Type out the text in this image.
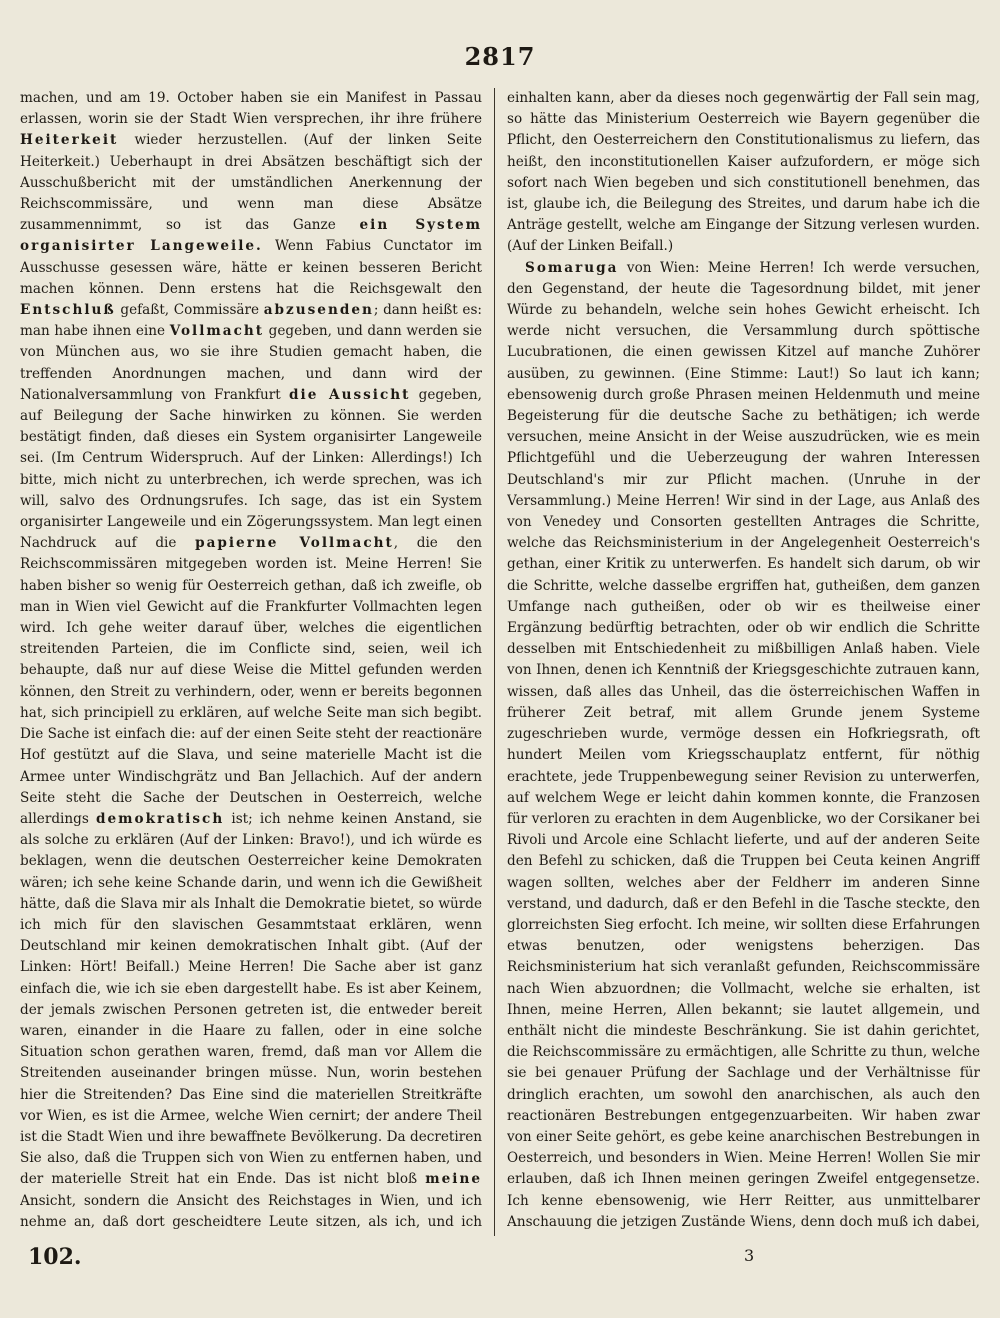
2817

machen, und am 19. October haben sie ein Manifest in Passau erlassen, worin sie der Stadt Wien versprechen, ihr ihre frühere Heiterkeit wieder herzustellen. (Auf der linken Seite Heiterkeit.) Ueberhaupt in drei Absätzen beschäftigt sich der Ausschußbericht mit der umständlichen Anerkennung der Reichscommissäre, und wenn man diese Absätze zusammennimmt, so ist das Ganze ein System organisirter Langeweile. Wenn Fabius Cunctator im Ausschusse gesessen wäre, hätte er keinen besseren Bericht machen können. Denn erstens hat die Reichsgewalt den Entschluß gefaßt, Commissäre abzusenden; dann heißt es: man habe ihnen eine Vollmacht gegeben, und dann werden sie von München aus, wo sie ihre Studien gemacht haben, die treffenden Anordnungen machen, und dann wird der Nationalversammlung von Frankfurt die Aussicht gegeben, auf Beilegung der Sache hinwirken zu können. Sie werden bestätigt finden, daß dieses ein System organisirter Langeweile sei. (Im Centrum Widerspruch. Auf der Linken: Allerdings!) Ich bitte, mich nicht zu unterbrechen, ich werde sprechen, was ich will, salvo des Ordnungsrufes. Ich sage, das ist ein System organisirter Langeweile und ein Zögerungssystem. Man legt einen Nachdruck auf die papierne Vollmacht, die den Reichscommissären mitgegeben worden ist. Meine Herren! Sie haben bisher so wenig für Oesterreich gethan, daß ich zweifle, ob man in Wien viel Gewicht auf die Frankfurter Vollmachten legen wird. Ich gehe weiter darauf über, welches die eigentlichen streitenden Parteien, die im Conflicte sind, seien, weil ich behaupte, daß nur auf diese Weise die Mittel gefunden werden können, den Streit zu verhindern, oder, wenn er bereits begonnen hat, sich principiell zu erklären, auf welche Seite man sich begibt. Die Sache ist einfach die: auf der einen Seite steht der reactionäre Hof gestützt auf die Slava, und seine materielle Macht ist die Armee unter Windischgrätz und Ban Jellachich. Auf der andern Seite steht die Sache der Deutschen in Oesterreich, welche allerdings demokratisch ist; ich nehme keinen Anstand, sie als solche zu erklären (Auf der Linken: Bravo!), und ich würde es beklagen, wenn die deutschen Oesterreicher keine Demokraten wären; ich sehe keine Schande darin, und wenn ich die Gewißheit hätte, daß die Slava mir als Inhalt die Demokratie bietet, so würde ich mich für den slavischen Gesammtstaat erklären, wenn Deutschland mir keinen demokratischen Inhalt gibt. (Auf der Linken: Hört! Beifall.) Meine Herren! Die Sache aber ist ganz einfach die, wie ich sie eben dargestellt habe. Es ist aber Keinem, der jemals zwischen Personen getreten ist, die entweder bereit waren, einander in die Haare zu fallen, oder in eine solche Situation schon gerathen waren, fremd, daß man vor Allem die Streitenden auseinander bringen müsse. Nun, worin bestehen hier die Streitenden? Das Eine sind die materiellen Streitkräfte vor Wien, es ist die Armee, welche Wien cernirt; der andere Theil ist die Stadt Wien und ihre bewaffnete Bevölkerung. Da decretiren Sie also, daß die Truppen sich von Wien zu entfernen haben, und der materielle Streit hat ein Ende. Das ist nicht bloß meine Ansicht, sondern die Ansicht des Reichstages in Wien, und ich nehme an, daß dort gescheidtere Leute sitzen, als ich, und ich

einhalten kann, aber da dieses noch gegenwärtig der Fall sein mag, so hätte das Ministerium Oesterreich wie Bayern gegenüber die Pflicht, den Oesterreichern den Constitutionalismus zu liefern, das heißt, den inconstitutionellen Kaiser aufzufordern, er möge sich sofort nach Wien begeben und sich constitutionell benehmen, das ist, glaube ich, die Beilegung des Streites, und darum habe ich die Anträge gestellt, welche am Eingange der Sitzung verlesen wurden. (Auf der Linken Beifall.)

Somaruga von Wien: Meine Herren! Ich werde versuchen, den Gegenstand, der heute die Tagesordnung bildet, mit jener Würde zu behandeln, welche sein hohes Gewicht erheischt. Ich werde nicht versuchen, die Versammlung durch spöttische Lucubrationen, die einen gewissen Kitzel auf manche Zuhörer ausüben, zu gewinnen. (Eine Stimme: Laut!) So laut ich kann; ebensowenig durch große Phrasen meinen Heldenmuth und meine Begeisterung für die deutsche Sache zu bethätigen; ich werde versuchen, meine Ansicht in der Weise auszudrücken, wie es mein Pflichtgefühl und die Ueberzeugung der wahren Interessen Deutschland's mir zur Pflicht machen. (Unruhe in der Versammlung.) Meine Herren! Wir sind in der Lage, aus Anlaß des von Venedey und Consorten gestellten Antrages die Schritte, welche das Reichsministerium in der Angelegenheit Oesterreich's gethan, einer Kritik zu unterwerfen. Es handelt sich darum, ob wir die Schritte, welche dasselbe ergriffen hat, gutheißen, dem ganzen Umfange nach gutheißen, oder ob wir es theilweise einer Ergänzung bedürftig betrachten, oder ob wir endlich die Schritte desselben mit Entschiedenheit zu mißbilligen Anlaß haben. Viele von Ihnen, denen ich Kenntniß der Kriegsgeschichte zutrauen kann, wissen, daß alles das Unheil, das die österreichischen Waffen in früherer Zeit betraf, mit allem Grunde jenem Systeme zugeschrieben wurde, vermöge dessen ein Hofkriegsrath, oft hundert Meilen vom Kriegsschauplatz entfernt, für nöthig erachtete, jede Truppenbewegung seiner Revision zu unterwerfen, auf welchem Wege er leicht dahin kommen konnte, die Franzosen für verloren zu erachten in dem Augenblicke, wo der Corsikaner bei Rivoli und Arcole eine Schlacht lieferte, und auf der anderen Seite den Befehl zu schicken, daß die Truppen bei Ceuta keinen Angriff wagen sollten, welches aber der Feldherr im anderen Sinne verstand, und dadurch, daß er den Befehl in die Tasche steckte, den glorreichsten Sieg erfocht. Ich meine, wir sollten diese Erfahrungen etwas benutzen, oder wenigstens beherzigen. Das Reichsministerium hat sich veranlaßt gefunden, Reichscommissäre nach Wien abzuordnen; die Vollmacht, welche sie erhalten, ist Ihnen, meine Herren, Allen bekannt; sie lautet allgemein, und enthält nicht die mindeste Beschränkung. Sie ist dahin gerichtet, die Reichscommissäre zu ermächtigen, alle Schritte zu thun, welche sie bei genauer Prüfung der Sachlage und der Verhältnisse für dringlich erachten, um sowohl den anarchischen, als auch den reactionären Bestrebungen entgegenzuarbeiten. Wir haben zwar von einer Seite gehört, es gebe keine anarchischen Bestrebungen in Oesterreich, und besonders in Wien. Meine Herren! Wollen Sie mir erlauben, daß ich Ihnen meinen geringen Zweifel entgegensetze. Ich kenne ebensowenig, wie Herr Reitter, aus unmittelbarer Anschauung die jetzigen Zustände Wiens, denn doch muß ich dabei,

102.	3
